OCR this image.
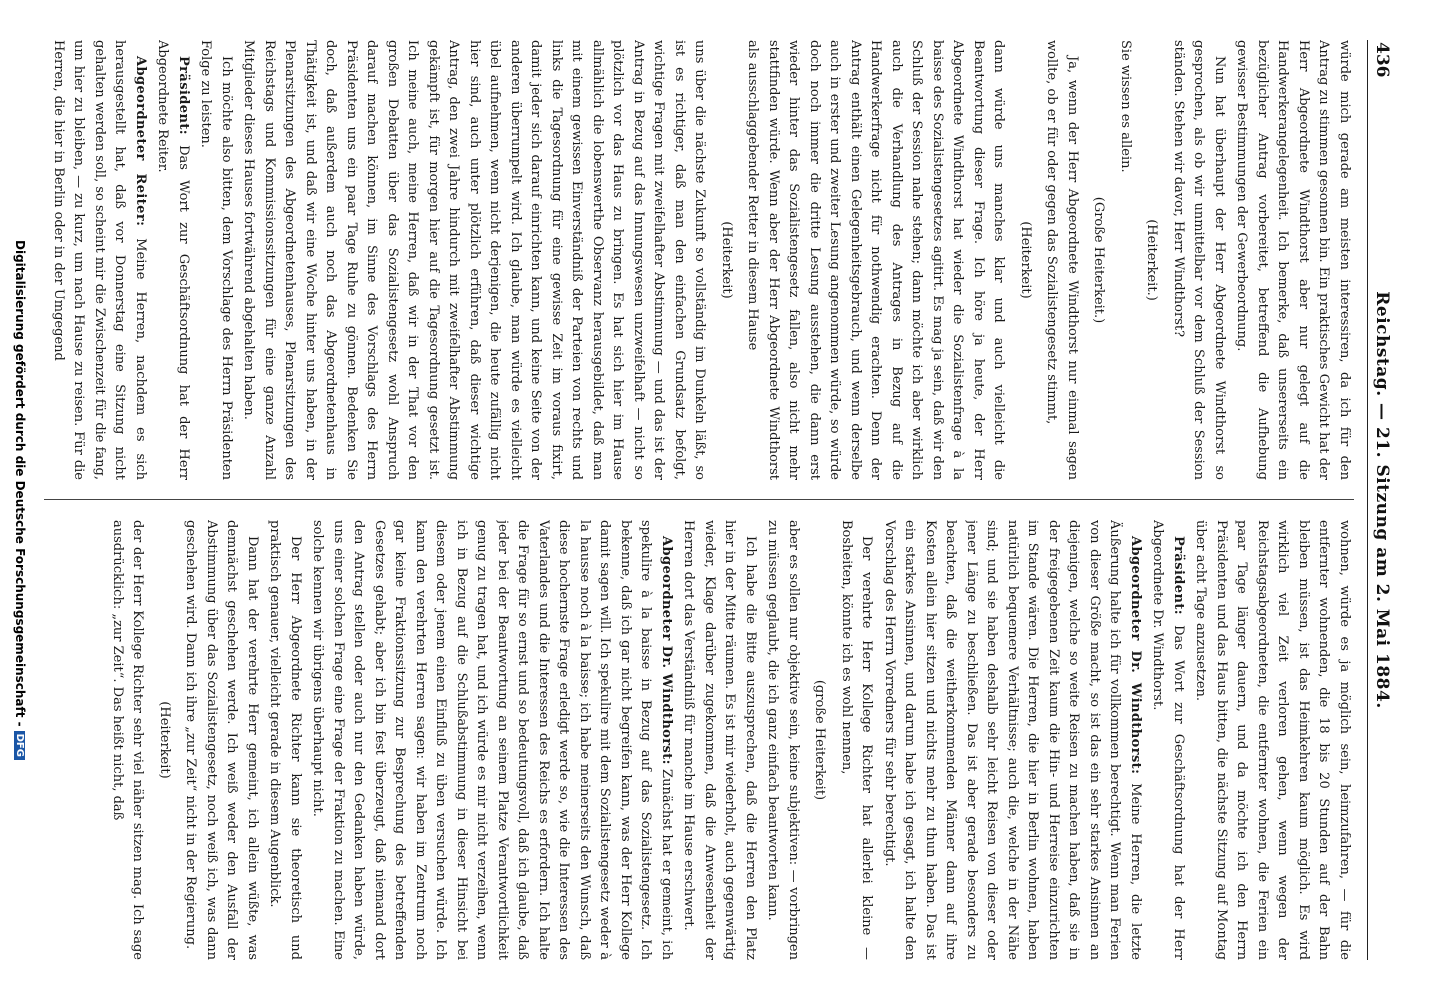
436
Reichstag. — 21. Sitzung am 2. Mai 1884.

würde mich gerade am meisten interessiren, da ich für den Antrag zu stimmen gesonnen bin. Ein praktisches Gewicht hat der Herr Abgeordnete Windthorst aber nur gelegt auf die Handwerkerangelegenheit. Ich bemerke, daß unsererseits ein bezüglicher Antrag vorbereitet, betreffend die Aufhebung gewisser Bestimmungen der Gewerbeordnung.

Nun hat überhaupt der Herr Abgeordnete Windthorst so gesprochen, als ob wir unmittelbar vor dem Schluß der Session ständen. Stehen wir davor, Herr Windthorst?

(Heiterkeit.)

Sie wissen es allein.

(Große Heiterkeit.)

Ja, wenn der Herr Abgeordnete Windthorst nur einmal sagen wollte, ob er für oder gegen das Sozialistengesetz stimmt,

(Heiterkeit)

dann würde uns manches klar und auch vielleicht die Beantwortung dieser Frage. Ich höre ja heute, der Herr Abgeordnete Windthorst hat wieder die Sozialistenfrage à la baisse des Sozialistengesetzes agitirt. Es mag ja sein, daß wir den Schluß der Session nahe stehen; dann möchte ich aber wirklich auch die Verhandlung des Antrages in Bezug auf die Handwerkerfrage nicht für nothwendig erachten. Denn der Antrag enthält einen Gelegenheitsgebrauch, und wenn derselbe auch in erster und zweiter Lesung angenommen würde, so würde doch noch immer die dritte Lesung ausstehen, die dann erst wieder hinter das Sozialistengesetz fallen, also nicht mehr stattfinden würde. Wenn aber der Herr Abgeordnete Windthorst als ausschlaggebender Retter in diesem Hause

(Heiterkeit)

uns über die nächste Zukunft so vollständig im Dunkeln läßt, so ist es richtiger, daß man den einfachen Grundsatz befolgt, wichtige Fragen mit zweifelhafter Abstimmung — und das ist der Antrag in Bezug auf das Innungswesen unzweifelhaft — nicht so plötzlich vor das Haus zu bringen. Es hat sich hier im Hause allmählich die lobenswerthe Observanz herausgebildet, daß man mit einem gewissen Einverständniß der Parteien von rechts und links die Tagesordnung für eine gewisse Zeit im voraus fixirt, damit jeder sich darauf einrichten kann, und keine Seite von der anderen überrumpelt wird. Ich glaube, man würde es vielleicht übel aufnehmen, wenn nicht derjenigen, die heute zufällig nicht hier sind, auch unter plötzlich erführen, daß dieser wichtige Antrag, den zwei Jahre hindurch mit zweifelhafter Abstimmung gekämpft ist, für morgen hier auf die Tagesordnung gesetzt ist. Ich meine auch, meine Herren, daß wir in der That vor den großen Debatten über das Sozialistengesetz wohl Anspruch darauf machen können, im Sinne des Vorschlags des Herrn Präsidenten uns ein paar Tage Ruhe zu gönnen. Bedenken Sie doch, daß außerdem auch noch das Abgeordnetenhaus in Thätigkeit ist, und daß wir eine Woche hinter uns haben, in der Plenarsitzungen des Abgeordnetenhauses, Plenarsitzungen des Reichstags und Kommissionssitzungen für eine ganze Anzahl Mitglieder dieses Hauses fortwährend abgehalten haben.

Ich möchte also bitten, dem Vorschlage des Herrn Präsidenten Folge zu leisten.

Präsident: Das Wort zur Geschäftsordnung hat der Herr Abgeordnete Reiter.

Abgeordneter Reiter: Meine Herren, nachdem es sich herausgestellt hat, daß vor Donnerstag eine Sitzung nicht gehalten werden soll, so scheint mir die Zwischenzeit für die fang, um hier zu bleiben, — zu kurz, um nach Hause zu reisen. Für die Herren, die hier in Berlin oder in der Umgegend

wohnen, würde es ja möglich sein, heimzufahren, — für die entfernter wohnenden, die 18 bis 20 Stunden auf der Bahn bleiben müssen, ist das Heimkehren kaum möglich. Es wird wirklich viel Zeit verloren gehen, wenn wegen der Reichstagsabgeordneten, die entfernter wohnen, die Ferien ein paar Tage länger dauern, und da möchte ich den Herrn Präsidenten und das Haus bitten, die nächste Sitzung auf Montag über acht Tage anzusetzen.

Präsident: Das Wort zur Geschäftsordnung hat der Herr Abgeordnete Dr. Windthorst.

Abgeordneter Dr. Windthorst: Meine Herren, die letzte Äußerung halte ich für vollkommen berechtigt. Wenn man Ferien von dieser Größe macht, so ist das ein sehr starkes Ansinnen an diejenigen, welche so weite Reisen zu machen haben, daß sie in der freigegebenen Zeit kaum die Hin- und Herreise einzurichten im Stande wären. Die Herren, die hier in Berlin wohnen, haben natürlich bequemere Verhältnisse; auch die, welche in der Nähe sind; und sie haben deshalb sehr leicht Reisen von dieser oder jener Länge zu beschließen. Das ist aber gerade besonders zu beachten, daß die weitherkommenden Männer dann auf ihre Kosten allein hier sitzen und nichts mehr zu thun haben. Das ist ein starkes Ansinnen, und darum habe ich gesagt, ich halte den Vorschlag des Herrn Vorredners für sehr berechtigt.

Der verehrte Herr Kollege Richter hat allerlei kleine — Bosheiten, könnte ich es wohl nennen,

(große Heiterkeit)

aber es sollen nur objektive sein, keine subjektiven: — vorbringen zu müssen geglaubt, die ich ganz einfach beantworten kann.

Ich habe die Bitte auszusprechen, daß die Herren den Platz hier in der Mitte räumen. Es ist mir wiederholt, auch gegenwärtig wieder, Klage darüber zugekommen, daß die Anwesenheit der Herren dort das Verständniß für manche im Hause erschwert.

Abgeordneter Dr. Windthorst: Zunächst hat er gemeint, ich spekulire à la baisse in Bezug auf das Sozialistengesetz. Ich bekenne, daß ich gar nicht begreifen kann, was der Herr Kollege damit sagen will. Ich spekulire mit dem Sozialistengesetz weder à la hausse noch à la baisse; ich habe meinerseits den Wunsch, daß diese hochernste Frage erledigt werde so, wie die Interessen des Vaterlandes und die Interessen des Reichs es erfordern. Ich halte die Frage für so ernst und so bedeutungsvoll, daß ich glaube, daß jeder bei der Beantwortung an seinem Platze Verantwortlichkeit genug zu tragen hat, und ich würde es mir nicht verzeihen, wenn ich in Bezug auf die Schlußabstimmung in dieser Hinsicht bei diesem oder jenem einen Einfluß zu üben versuchen würde. Ich kann den verehrten Herren sagen: wir haben im Zentrum noch gar keine Fraktionssitzung zur Besprechung des betreffenden Gesetzes gehabt; aber ich bin fest überzeugt, daß niemand dort den Antrag stellen oder auch nur den Gedanken haben würde, uns einer solchen Frage eine Frage der Fraktion zu machen. Eine solche kennen wir übrigens überhaupt nicht.

Der Herr Abgeordnete Richter kann sie theoretisch und praktisch genauer, vielleicht gerade in diesem Augenblick.

Dann hat der verehrte Herr gemeint, ich allein wüßte, was demnächst geschehen werde. Ich weiß weder den Ausfall der Abstimmung über das Sozialistengesetz, noch weiß ich, was dann geschehen wird. Dann ich ihre „zur Zeit“ nicht in der Regierung.

(Heiterkeit)

der der Herr Kollege Richter sehr viel näher sitzen mag. Ich sage ausdrücklich: „zur Zeit“. Das heißt nicht, daß

Digitalisierung gefördert durch die Deutsche Forschungsgemeinschaft -DFG
